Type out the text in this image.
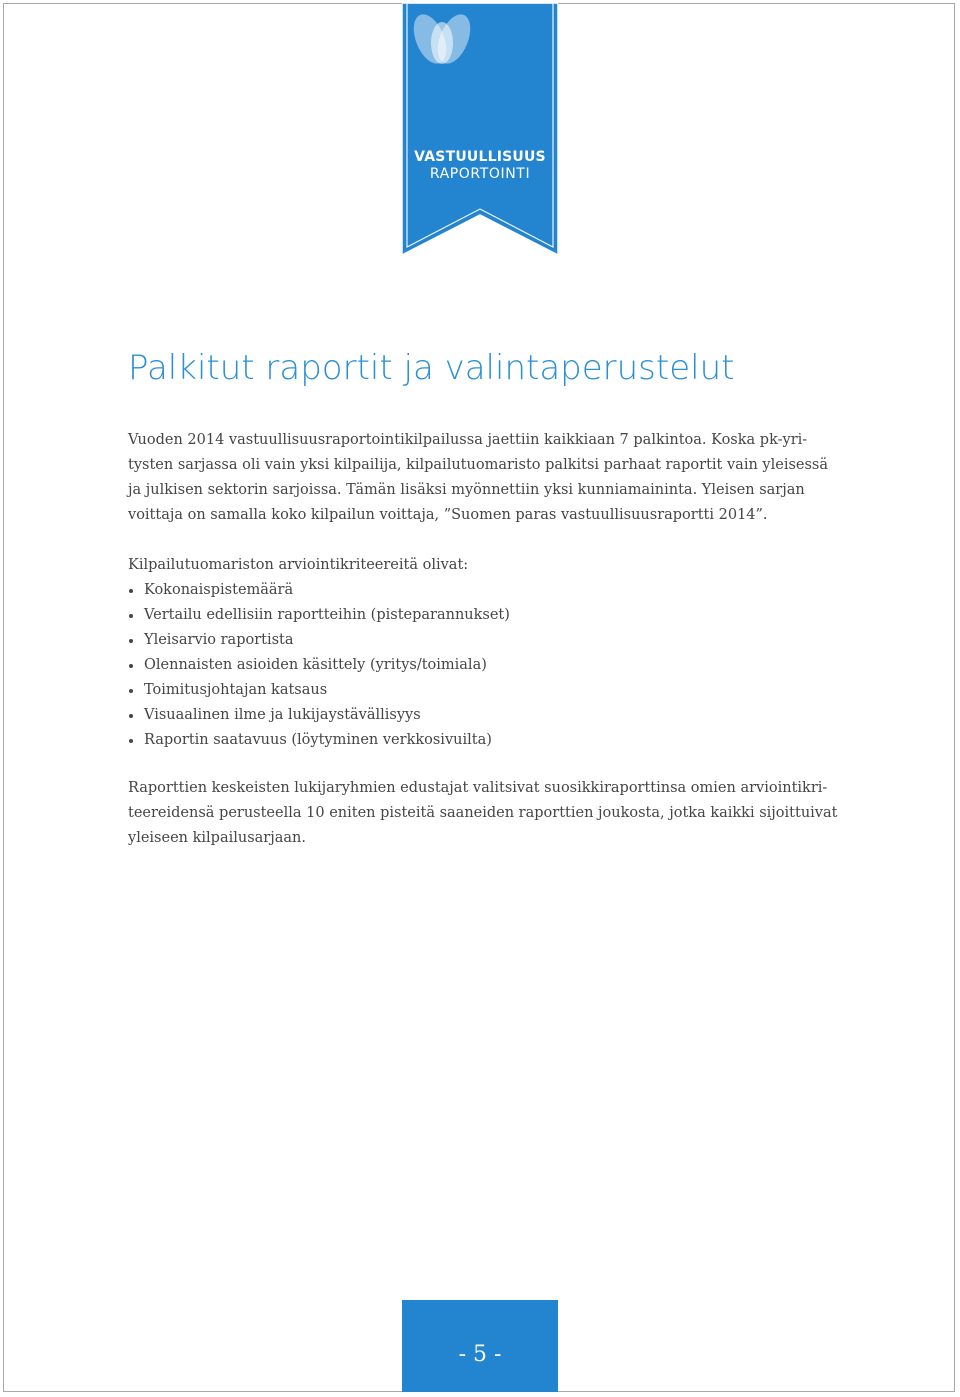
VASTUULLISUUS
RAPORTOINTI
Palkitut raportit ja valintaperustelut
Vuoden 2014 vastuullisuusraportointikilpailussa jaettiin kaikkiaan 7 palkintoa. Koska pk-yri-
tysten sarjassa oli vain yksi kilpailija, kilpailutuomaristo palkitsi parhaat raportit vain yleisessä
ja julkisen sektorin sarjoissa. Tämän lisäksi myönnettiin yksi kunniamaininta. Yleisen sarjan
voittaja on samalla koko kilpailun voittaja, ”Suomen paras vastuullisuusraportti 2014”.
Kilpailutuomariston arviointikriteereitä olivat:
Kokonaispistemäärä
Vertailu edellisiin raportteihin (pisteparannukset)
Yleisarvio raportista
Olennaisten asioiden käsittely (yritys/toimiala)
Toimitusjohtajan katsaus
Visuaalinen ilme ja lukijaystävällisyys
Raportin saatavuus (löytyminen verkkosivuilta)
Raporttien keskeisten lukijaryhmien edustajat valitsivat suosikkiraporttinsa omien arviointikri-
teereidensä perusteella 10 eniten pisteitä saaneiden raporttien joukosta, jotka kaikki sijoittuivat
yleiseen kilpailusarjaan.
- 5 -
